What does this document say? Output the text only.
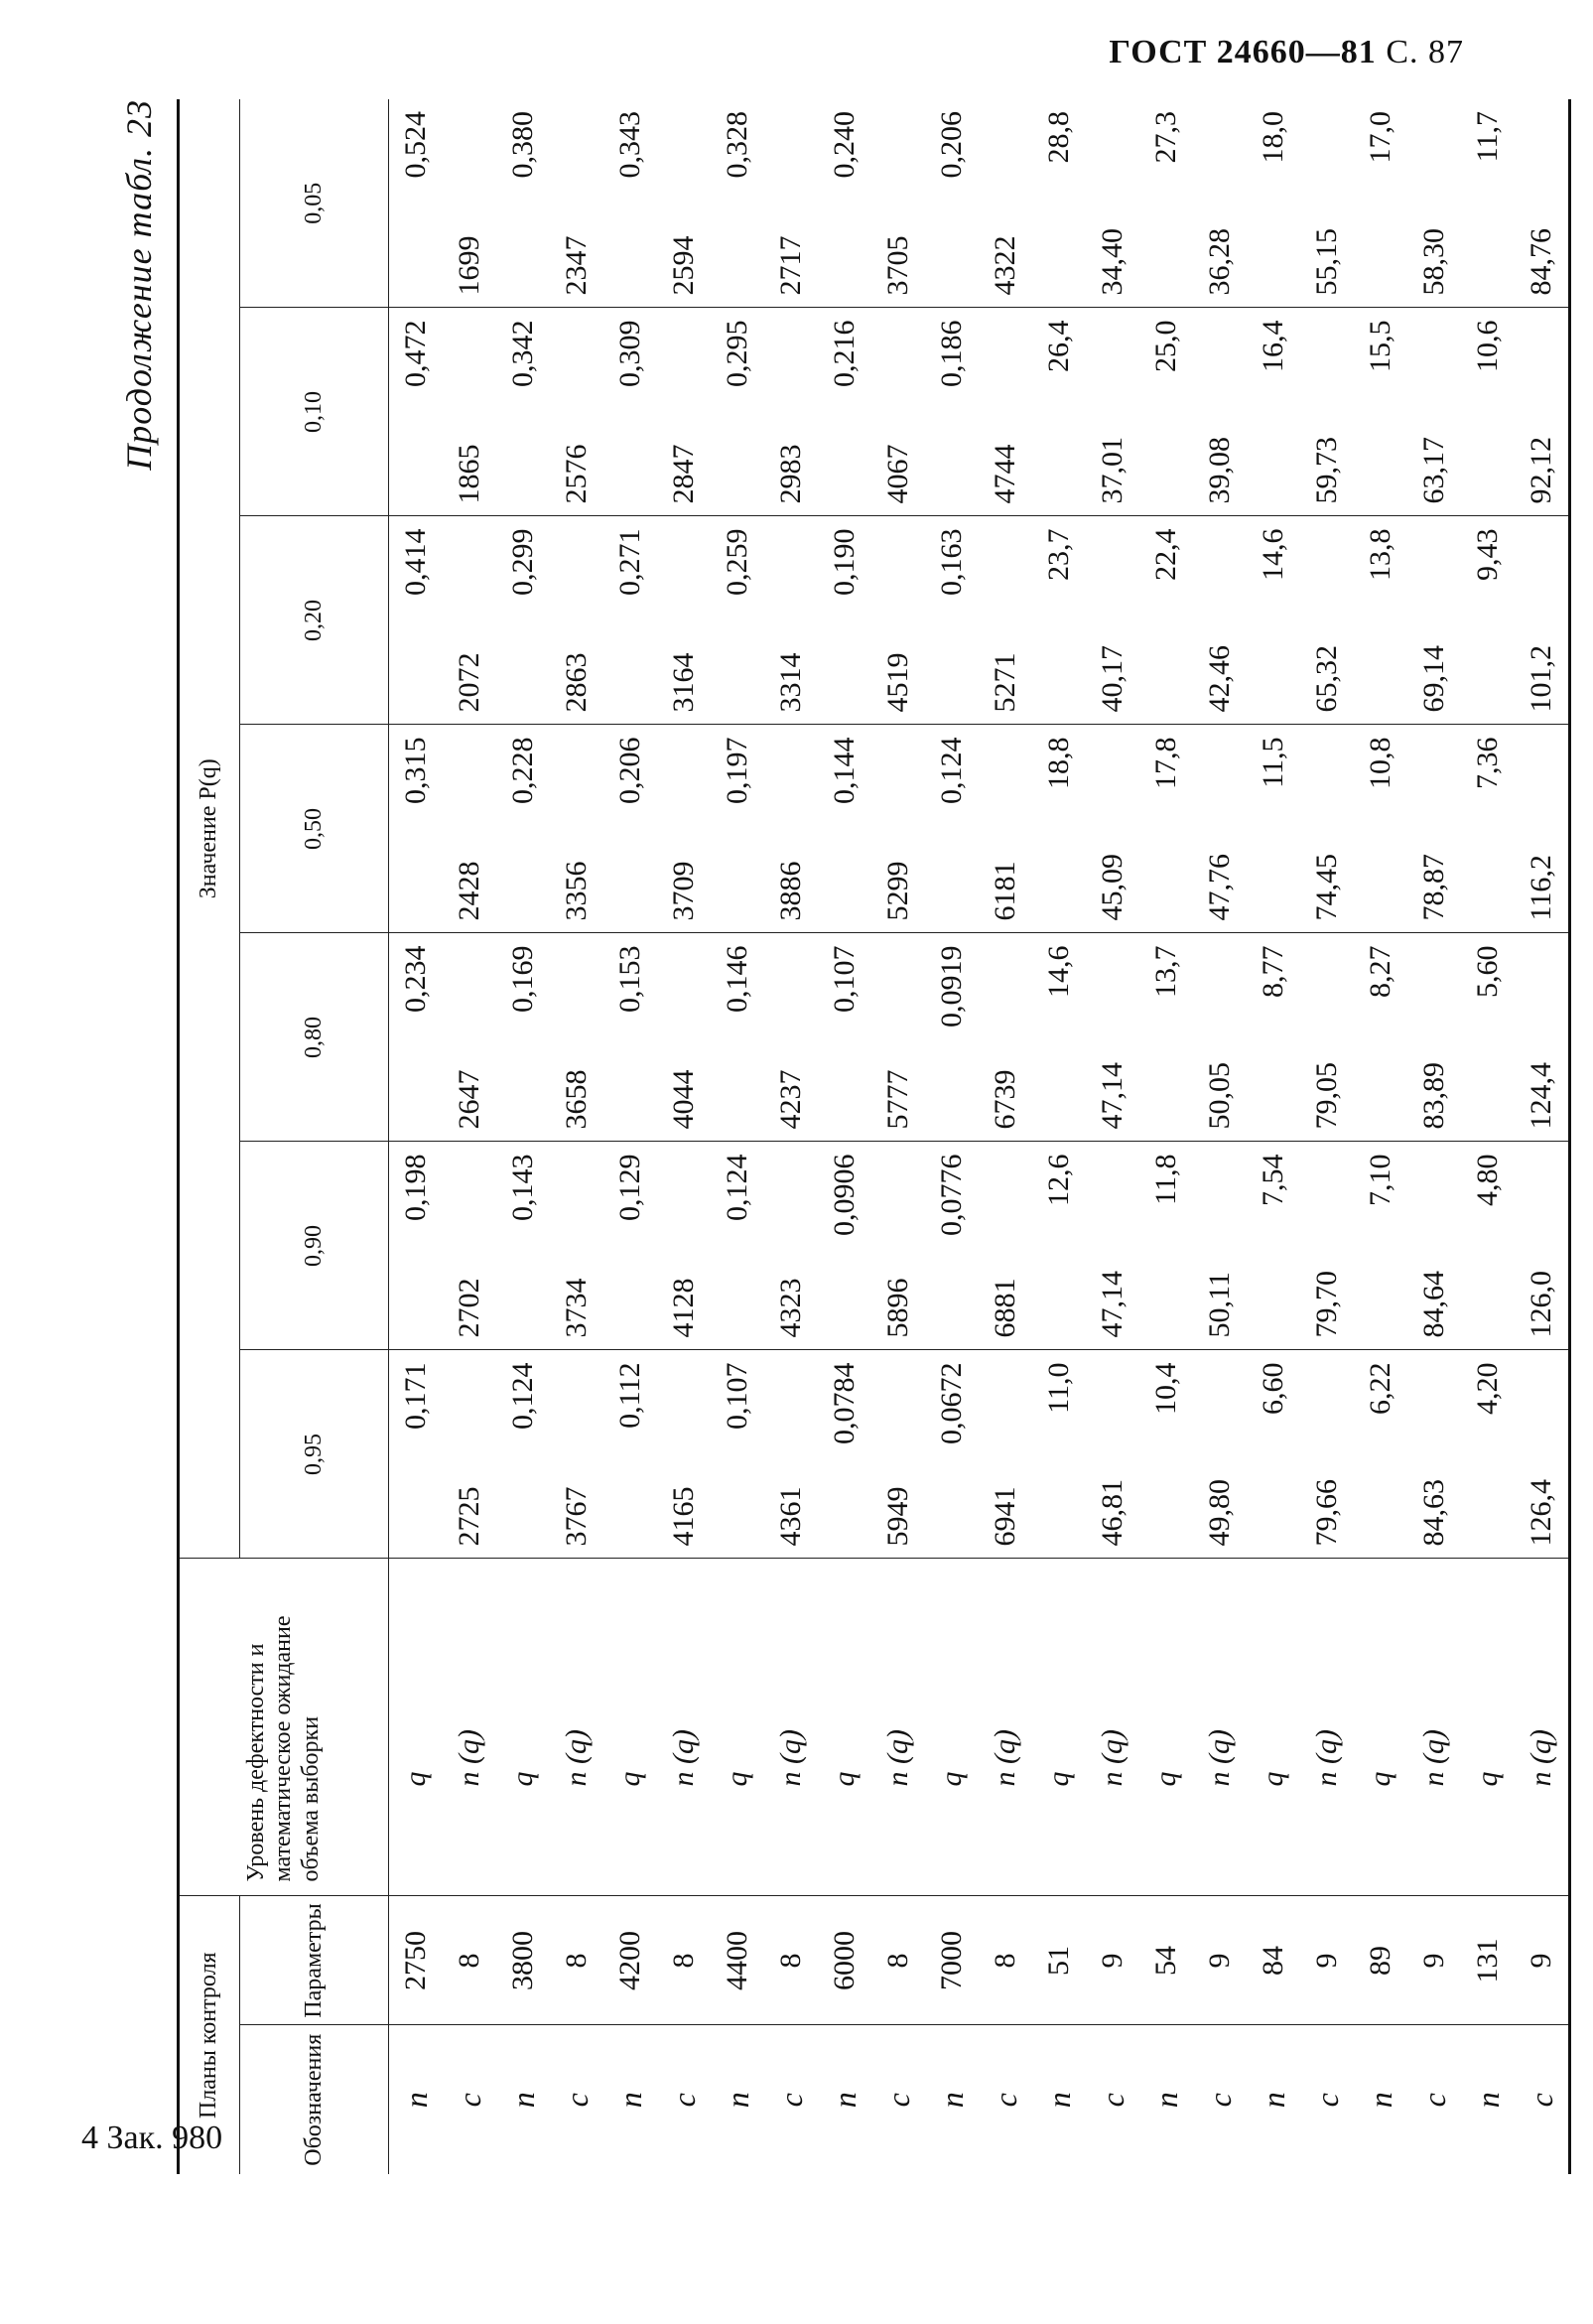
ГОСТ 24660—81 С. 87
Продолжение табл. 23
Планы контроля		Уровень дефектности и математическое ожидание объема выборки	Значение P(q)						
Обозначения	Параметры		0,95	0,90	0,80	0,50	0,20	0,10	0,05
n	2750	q	0,171	0,198	0,234	0,315	0,414	0,472	0,524
c	8	n (q)	2725	2702	2647	2428	2072	1865	1699
n	3800	q	0,124	0,143	0,169	0,228	0,299	0,342	0,380
c	8	n (q)	3767	3734	3658	3356	2863	2576	2347
n	4200	q	0,112	0,129	0,153	0,206	0,271	0,309	0,343
c	8	n (q)	4165	4128	4044	3709	3164	2847	2594
n	4400	q	0,107	0,124	0,146	0,197	0,259	0,295	0,328
c	8	n (q)	4361	4323	4237	3886	3314	2983	2717
n	6000	q	0,0784	0,0906	0,107	0,144	0,190	0,216	0,240
c	8	n (q)	5949	5896	5777	5299	4519	4067	3705
n	7000	q	0,0672	0,0776	0,0919	0,124	0,163	0,186	0,206
c	8	n (q)	6941	6881	6739	6181	5271	4744	4322
n	51	q	11,0	12,6	14,6	18,8	23,7	26,4	28,8
c	9	n (q)	46,81	47,14	47,14	45,09	40,17	37,01	34,40
n	54	q	10,4	11,8	13,7	17,8	22,4	25,0	27,3
c	9	n (q)	49,80	50,11	50,05	47,76	42,46	39,08	36,28
n	84	q	6,60	7,54	8,77	11,5	14,6	16,4	18,0
c	9	n (q)	79,66	79,70	79,05	74,45	65,32	59,73	55,15
n	89	q	6,22	7,10	8,27	10,8	13,8	15,5	17,0
c	9	n (q)	84,63	84,64	83,89	78,87	69,14	63,17	58,30
n	131	q	4,20	4,80	5,60	7,36	9,43	10,6	11,7
c	9	n (q)	126,4	126,0	124,4	116,2	101,2	92,12	84,76
4 Зак. 980
